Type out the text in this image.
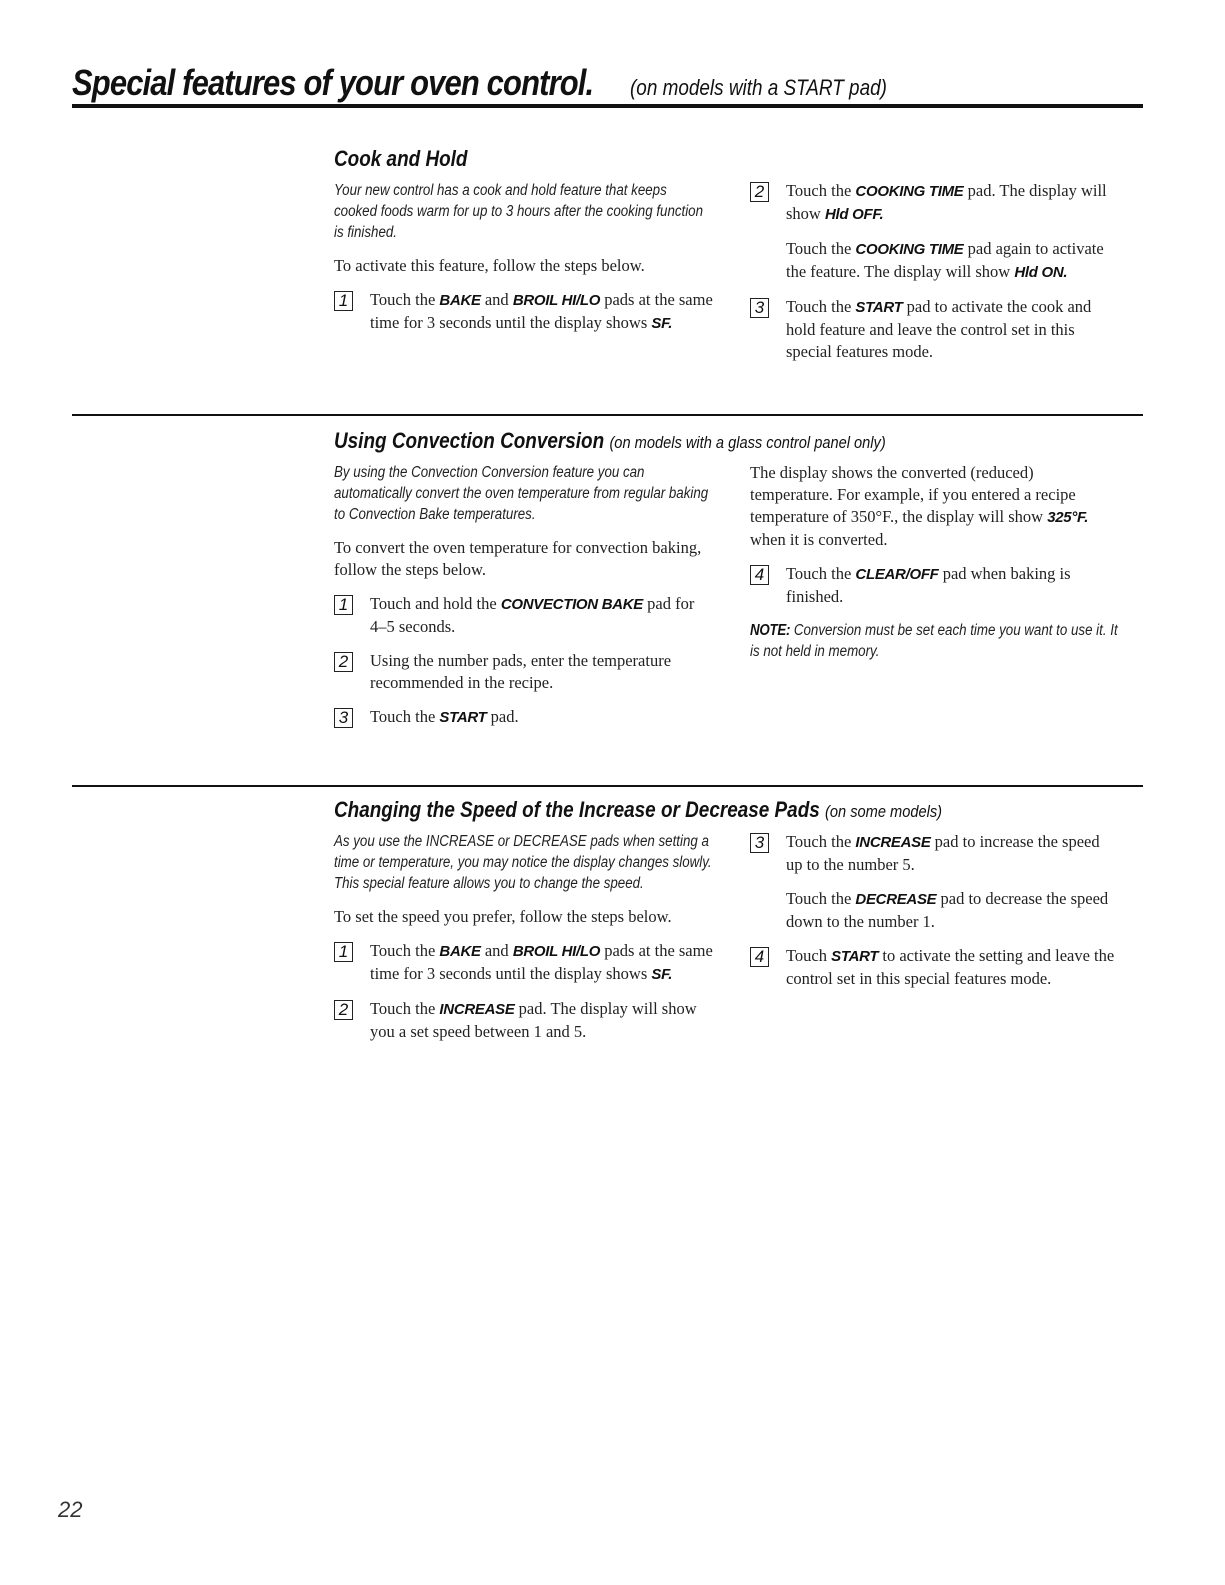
Special features of your oven control. (on models with a START pad)
Cook and Hold

Your new control has a cook and hold feature that keeps cooked foods warm for up to 3 hours after the cooking function is finished.

To activate this feature, follow the steps below.

1 Touch the BAKE and BROIL HI/LO pads at the same time for 3 seconds until the display shows SF.
2 Touch the COOKING TIME pad. The display will show Hld OFF.

Touch the COOKING TIME pad again to activate the feature. The display will show Hld ON.

3 Touch the START pad to activate the cook and hold feature and leave the control set in this special features mode.
Using Convection Conversion (on models with a glass control panel only)

By using the Convection Conversion feature you can automatically convert the oven temperature from regular baking to Convection Bake temperatures.

To convert the oven temperature for convection baking, follow the steps below.

1 Touch and hold the CONVECTION BAKE pad for 4–5 seconds.
2 Using the number pads, enter the temperature recommended in the recipe.
3 Touch the START pad.

The display shows the converted (reduced) temperature. For example, if you entered a recipe temperature of 350°F., the display will show 325°F. when it is converted.

4 Touch the CLEAR/OFF pad when baking is finished.

NOTE: Conversion must be set each time you want to use it. It is not held in memory.

Changing the Speed of the Increase or Decrease Pads (on some models)

As you use the INCREASE or DECREASE pads when setting a time or temperature, you may notice the display changes slowly. This special feature allows you to change the speed.

To set the speed you prefer, follow the steps below.

1 Touch the BAKE and BROIL HI/LO pads at the same time for 3 seconds until the display shows SF.
2 Touch the INCREASE pad. The display will show you a set speed between 1 and 5.
3 Touch the INCREASE pad to increase the speed up to the number 5.

Touch the DECREASE pad to decrease the speed down to the number 1.

4 Touch START to activate the setting and leave the control set in this special features mode.
22
